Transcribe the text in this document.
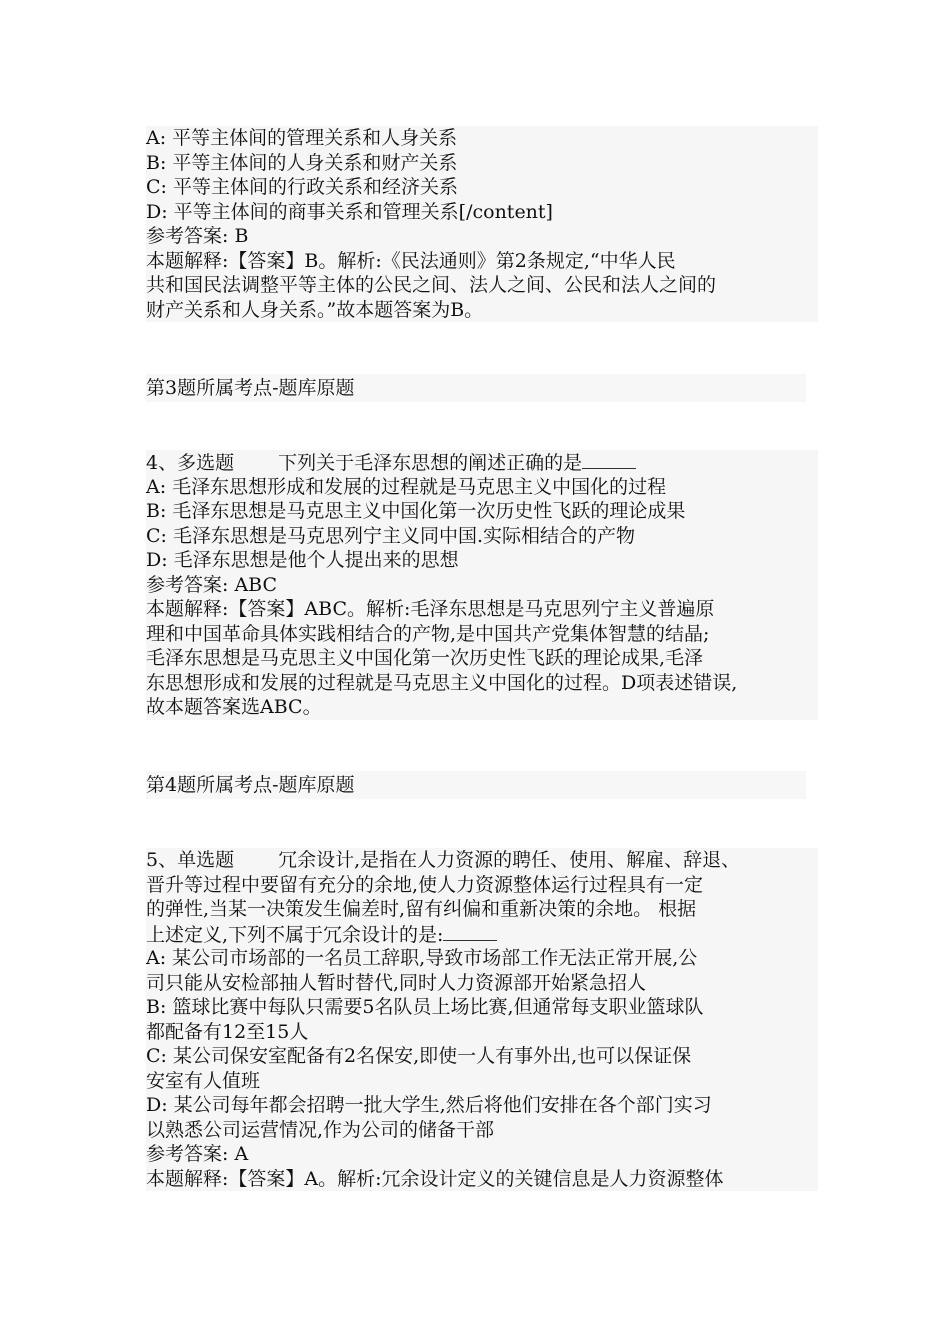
A: 平等主体间的管理关系和人身关系
B: 平等主体间的人身关系和财产关系
C: 平等主体间的行政关系和经济关系
D: 平等主体间的商事关系和管理关系[/content]
参考答案: B
本题解释:【答案】B。解析:《民法通则》第2条规定,“中华人民
共和国民法调整平等主体的公民之间、法人之间、公民和法人之间的
财产关系和人身关系。”故本题答案为B。
第3题所属考点-题库原题
4、多选题 下列关于毛泽东思想的阐述正确的是
A: 毛泽东思想形成和发展的过程就是马克思主义中国化的过程
B: 毛泽东思想是马克思主义中国化第一次历史性飞跃的理论成果
C: 毛泽东思想是马克思列宁主义同中国.实际相结合的产物
D: 毛泽东思想是他个人提出来的思想
参考答案: ABC
本题解释:【答案】ABC。解析:毛泽东思想是马克思列宁主义普遍原
理和中国革命具体实践相结合的产物,是中国共产党集体智慧的结晶;
毛泽东思想是马克思主义中国化第一次历史性飞跃的理论成果,毛泽
东思想形成和发展的过程就是马克思主义中国化的过程。D项表述错误,
故本题答案选ABC。
第4题所属考点-题库原题
5、单选题 冗余设计,是指在人力资源的聘任、使用、解雇、辞退、
晋升等过程中要留有充分的余地,使人力资源整体运行过程具有一定
的弹性,当某一决策发生偏差时,留有纠偏和重新决策的余地。 根据
上述定义,下列不属于冗余设计的是:
A: 某公司市场部的一名员工辞职,导致市场部工作无法正常开展,公
司只能从安检部抽人暂时替代,同时人力资源部开始紧急招人
B: 篮球比赛中每队只需要5名队员上场比赛,但通常每支职业篮球队
都配备有12至15人
C: 某公司保安室配备有2名保安,即使一人有事外出,也可以保证保
安室有人值班
D: 某公司每年都会招聘一批大学生,然后将他们安排在各个部门实习
以熟悉公司运营情况,作为公司的储备干部
参考答案: A
本题解释:【答案】A。解析:冗余设计定义的关键信息是人力资源整体
